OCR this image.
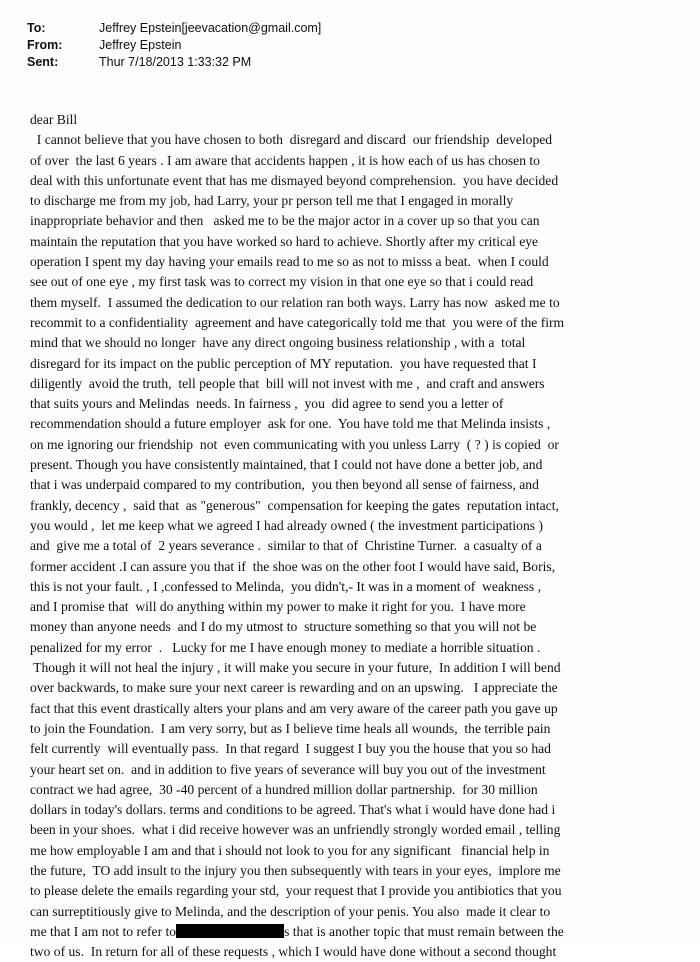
To:	Jeffrey Epstein[jeevacation@gmail.com]
From:	Jeffrey Epstein
Sent:	Thur 7/18/2013 1:33:32 PM
dear Bill
I cannot believe that you have chosen to both  disregard and discard  our friendship  developed
of over  the last 6 years . I am aware that accidents happen , it is how each of us has chosen to
deal with this unfortunate event that has me dismayed beyond comprehension.  you have decided
to discharge me from my job, had Larry, your pr person tell me that I engaged in morally
inappropriate behavior and then   asked me to be the major actor in a cover up so that you can
maintain the reputation that you have worked so hard to achieve. Shortly after my critical eye
operation I spent my day having your emails read to me so as not to misss a beat.  when I could
see out of one eye , my first task was to correct my vision in that one eye so that i could read
them myself.  I assumed the dedication to our relation ran both ways. Larry has now  asked me to
recommit to a confidentiality  agreement and have categorically told me that  you were of the firm
mind that we should no longer  have any direct ongoing business relationship , with a  total
disregard for its impact on the public perception of MY reputation.  you have requested that I
diligently  avoid the truth,  tell people that  bill will not invest with me ,  and craft and answers
that suits yours and Melindas  needs. In fairness ,  you  did agree to send you a letter of
recommendation should a future employer  ask for one.  You have told me that Melinda insists ,
on me ignoring our friendship  not  even communicating with you unless Larry  ( ? ) is copied  or
present. Though you have consistently maintained, that I could not have done a better job, and
that i was underpaid compared to my contribution,  you then beyond all sense of fairness, and
frankly, decency ,  said that  as "generous"  compensation for keeping the gates  reputation intact,
you would ,  let me keep what we agreed I had already owned ( the investment participations )
and  give me a total of  2 years severance .  similar to that of  Christine Turner.  a casualty of a
former accident .I can assure you that if  the shoe was on the other foot I would have said, Boris,
this is not your fault. , I ,confessed to Melinda,  you didn't,- It was in a moment of  weakness ,
and I promise that  will do anything within my power to make it right for you.  I have more
money than anyone needs  and I do my utmost to  structure something so that you will not be
penalized for my error  .   Lucky for me I have enough money to mediate a horrible situation .
Though it will not heal the injury , it will make you secure in your future,  In addition I will bend
over backwards, to make sure your next career is rewarding and on an upswing.   I appreciate the
fact that this event drastically alters your plans and am very aware of the career path you gave up
to join the Foundation.  I am very sorry, but as I believe time heals all wounds,  the terrible pain
felt currently  will eventually pass.  In that regard  I suggest I buy you the house that you so had
your heart set on.  and in addition to five years of severance will buy you out of the investment
contract we had agree,  30 -40 percent of a hundred million dollar partnership.  for 30 million
dollars in today's dollars. terms and conditions to be agreed. That's what i would have done had i
been in your shoes.  what i did receive however was an unfriendly strongly worded email , telling
me how employable I am and that i should not look to you for any significant   financial help in
the future,  TO add insult to the injury you then subsequently with tears in your eyes,  implore me
to please delete the emails regarding your std,  your request that I provide you antibiotics that you
can surreptitiously give to Melinda, and the description of your penis. You also  made it clear to
me that I am not to refer to	s that is another topic that must remain between the
two of us.  In return for all of these requests , which I would have done without a second thought
